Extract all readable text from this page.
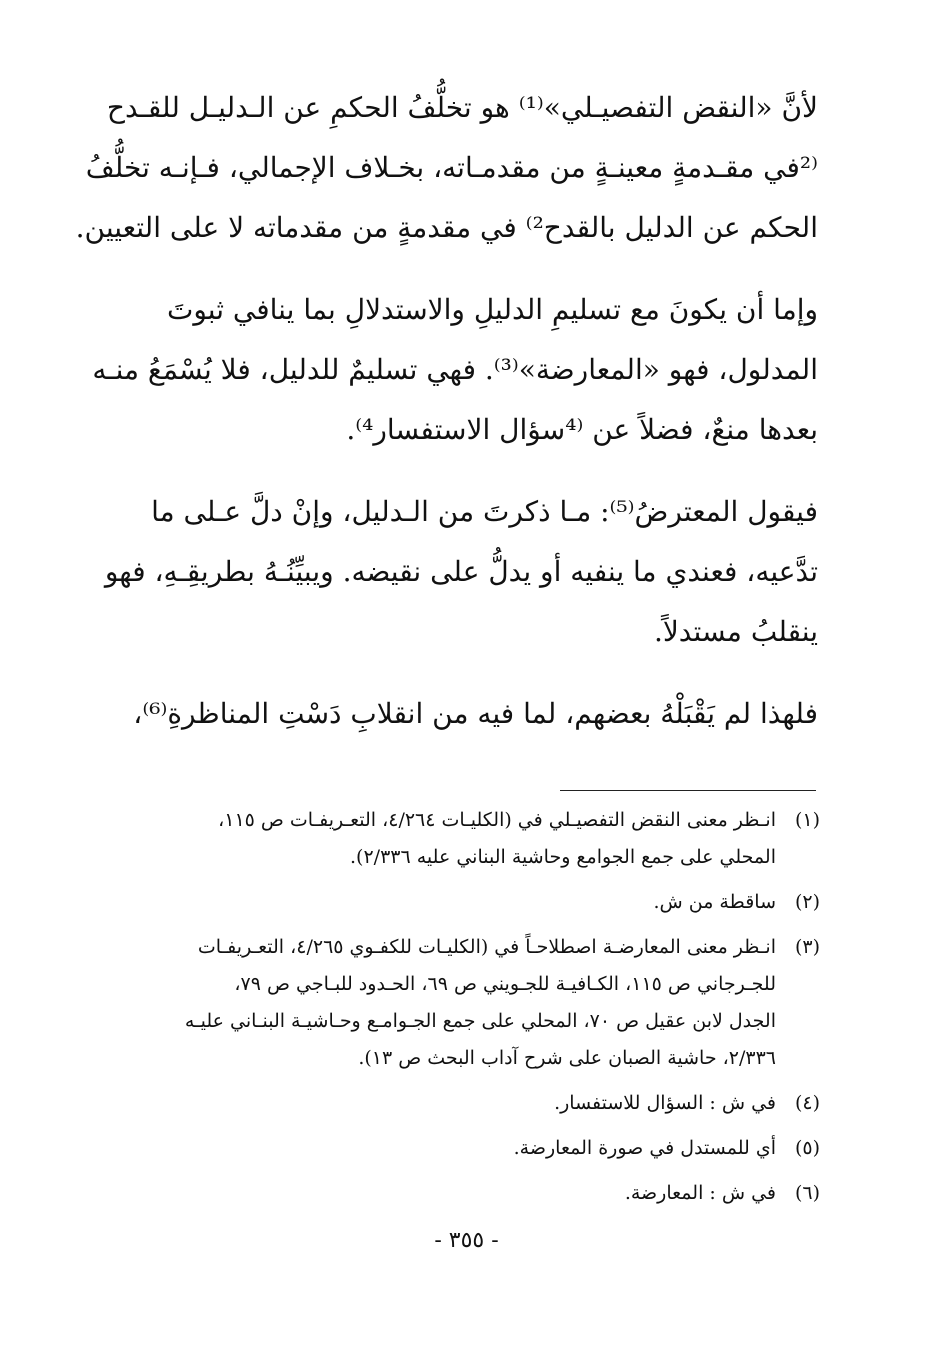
لأنَّ «النقض التفصيـلي»⁽¹⁾ هو تخلُّفُ الحكمِ عن الـدليـل للقـدح
⁽²في مقـدمةٍ معينـةٍ من مقدمـاته، بخـلاف الإجمالي، فـإنـه تخلُّفُ
الحكم عن الدليل بالقدح²⁾ في مقدمةٍ من مقدماته لا على التعيين.

وإما أن يكونَ مع تسليمِ الدليلِ والاستدلالِ بما ينافي ثبوتَ
المدلول، فهو «المعارضة»⁽³⁾. فهي تسليمٌ للدليل، فلا يُسْمَعُ منـه
بعدها منعٌ، فضلاً عن ⁽⁴سؤال الاستفسار⁴⁾.

فيقول المعترضُ⁽⁵⁾: مـا ذكرتَ من الـدليل، وإنْ دلَّ عـلى ما
تدَّعيه، فعندي ما ينفيه أو يدلُّ على نقيضه. ويبيِّنُـهُ بطريقِـهِ، فهو
ينقلبُ مستدلاً.

فلهذا لم يَقْبَلْهُ بعضهم، لما فيه من انقلابِ دَسْتِ المناظرةِ⁽⁶⁾،

(١)
انـظر معنى النقض التفصيـلي في (الكليـات ٤/٢٦٤، التعـريفـات ص ١١٥،
المحلي على جمع الجوامع وحاشية البناني عليه ٢/٣٣٦).
(٢)
ساقطة من ش.
(٣)
انـظر معنى المعارضـة اصطلاحـاً في (الكليـات للكفـوي ٤/٢٦٥، التعـريفـات
للجـرجاني ص ١١٥، الكـافيـة للجـويني ص ٦٩، الحـدود للبـاجي ص ٧٩،
الجدل لابن عقيل ص ٧٠، المحلي على جمع الجـوامـع وحـاشيـة البنـاني عليـه
٢/٣٣٦، حاشية الصبان على شرح آداب البحث ص ١٣).
(٤)
في ش : السؤال للاستفسار.
(٥)
أي للمستدل في صورة المعارضة.
(٦)
في ش : المعارضة.
- ٣٥٥ -
